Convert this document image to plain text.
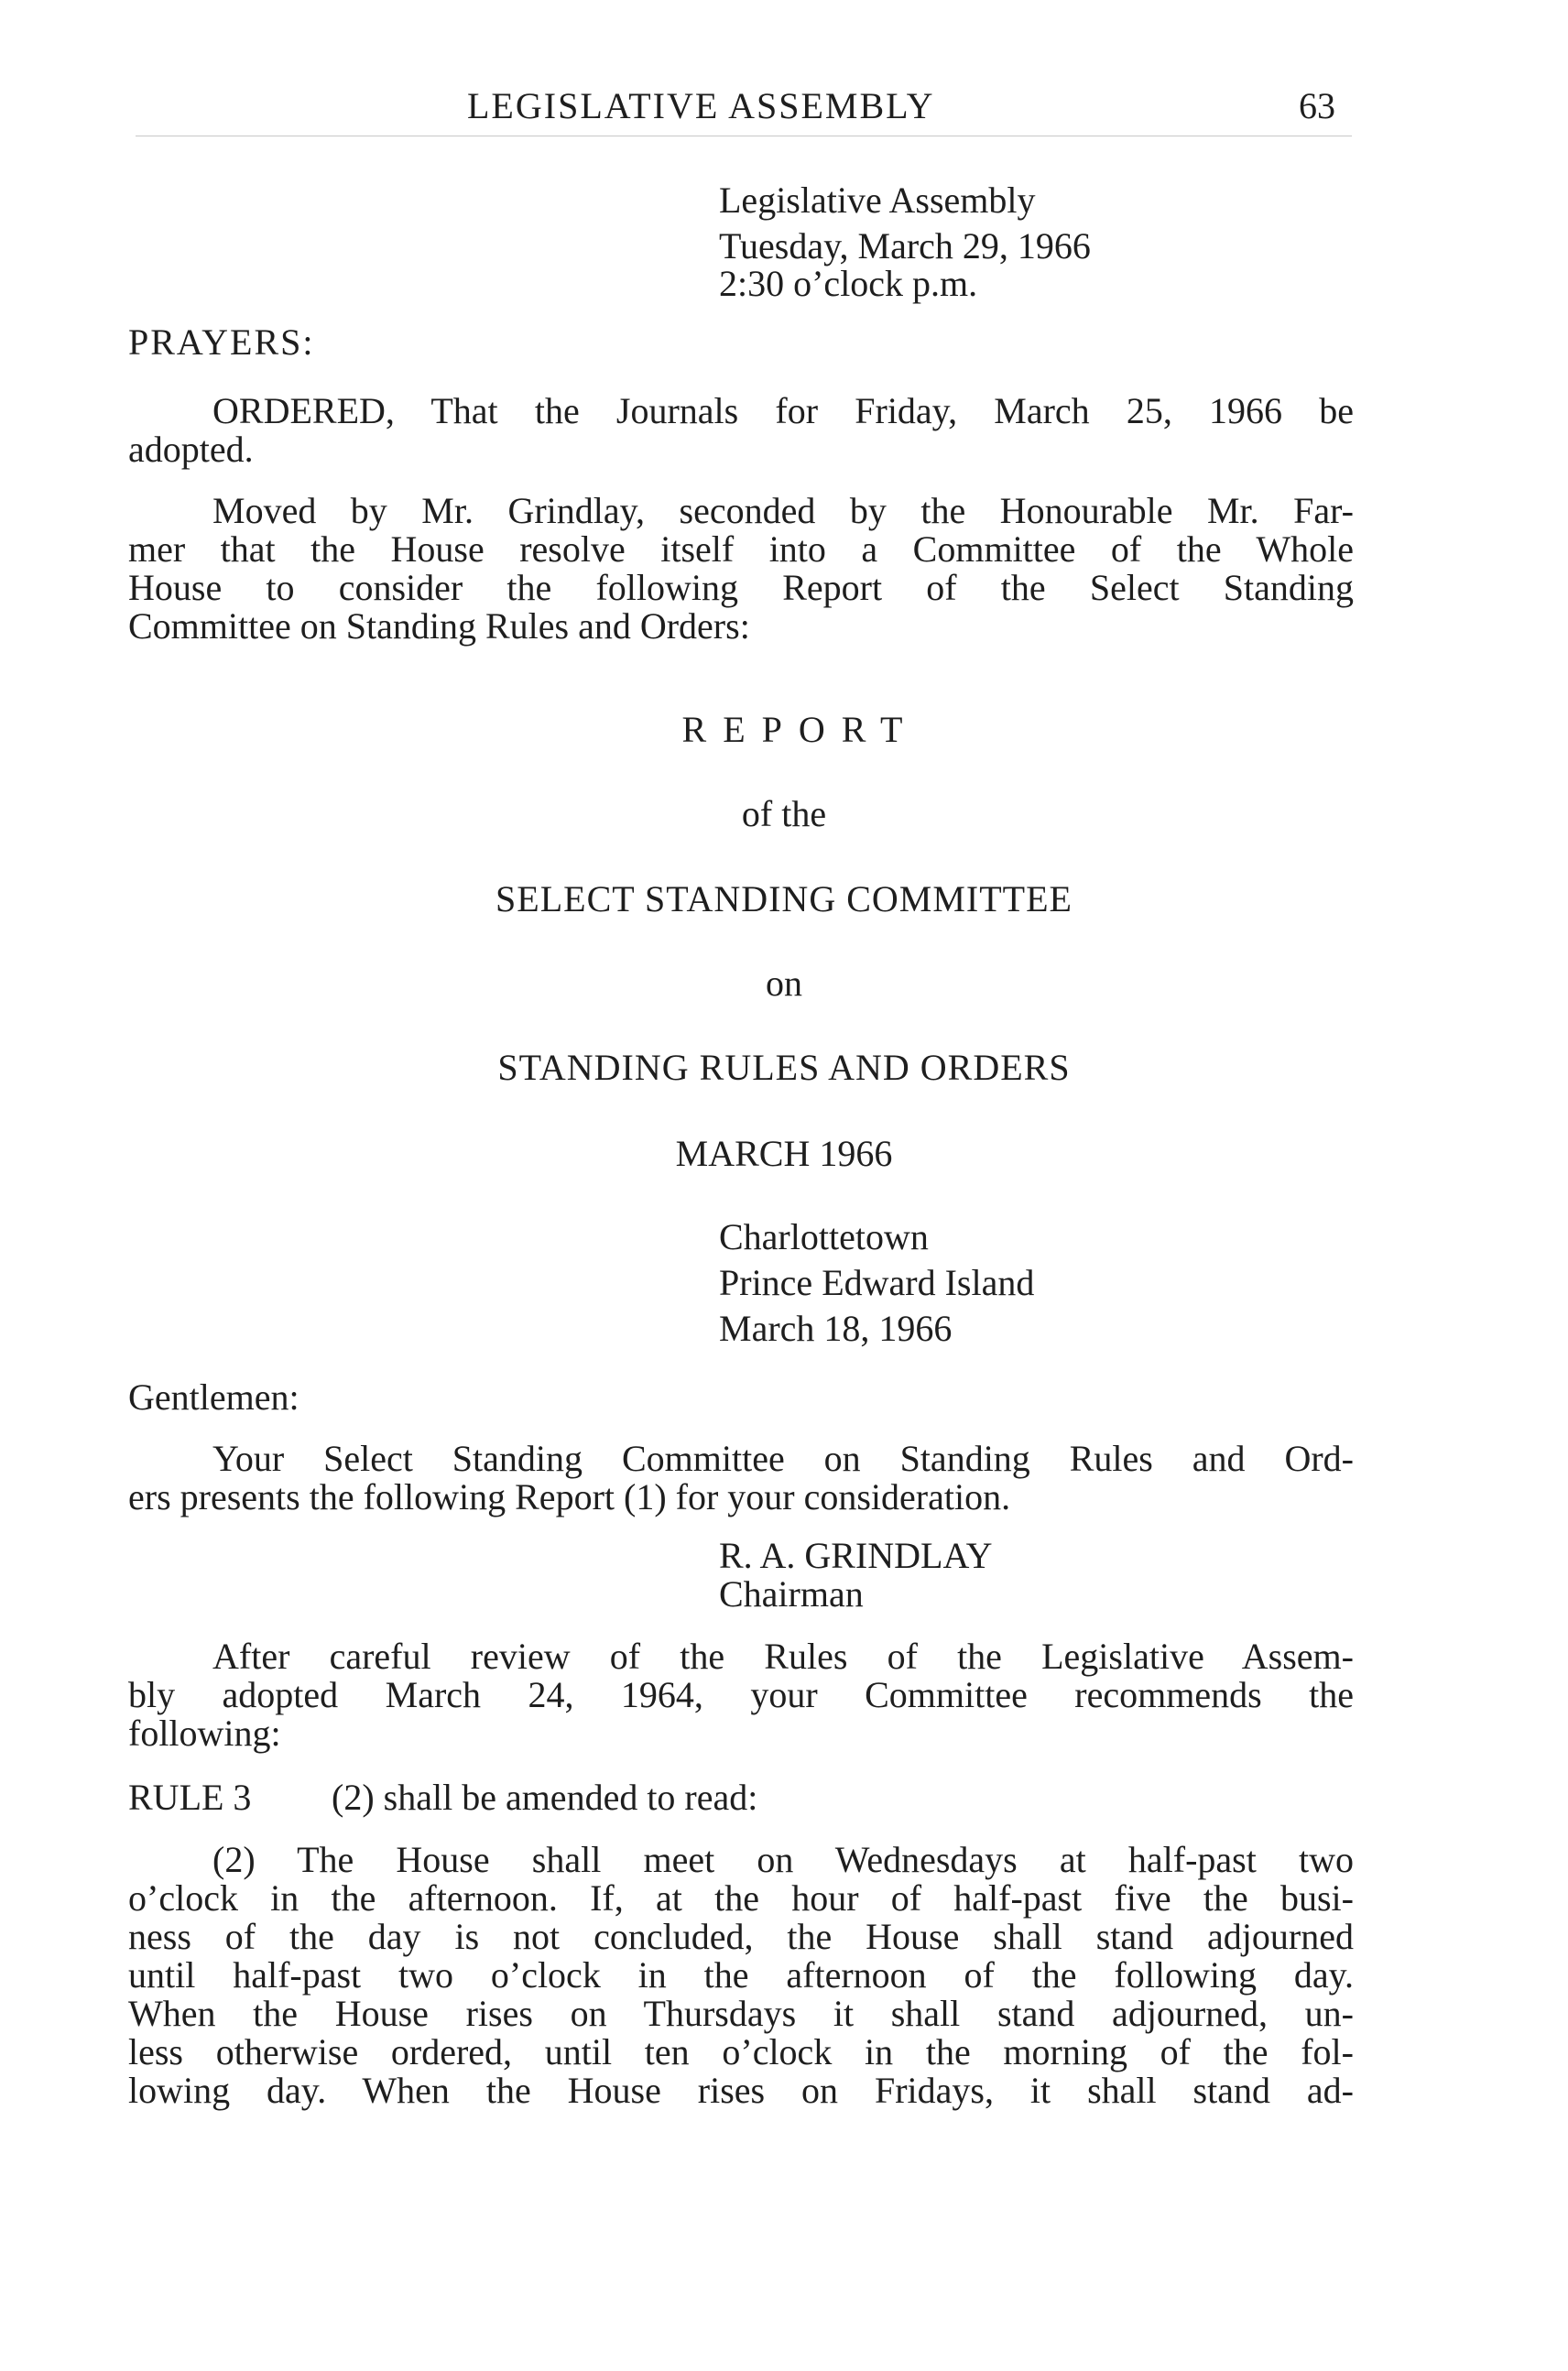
LEGISLATIVE ASSEMBLY	63
Legislative Assembly
Tuesday, March 29, 1966
2:30 o’clock p.m.
PRAYERS:
ORDERED, That the Journals for Friday, March 25, 1966 be
adopted.
Moved by Mr. Grindlay, seconded by the Honourable Mr. Far-
mer that the House resolve itself into a Committee of the Whole
House to consider the following Report of the Select Standing
Committee on Standing Rules and Orders:
REPORT
of the
SELECT STANDING COMMITTEE
on
STANDING RULES AND ORDERS
MARCH 1966
Charlottetown
Prince Edward Island
March 18, 1966
Gentlemen:
Your Select Standing Committee on Standing Rules and Ord-
ers presents the following Report (1) for your consideration.
R. A. GRINDLAY
Chairman
After careful review of the Rules of the Legislative Assem-
bly adopted March 24, 1964, your Committee recommends the
following:
RULE 3 (2) shall be amended to read:
(2) The House shall meet on Wednesdays at half-past two
o’clock in the afternoon. If, at the hour of half-past five the busi-
ness of the day is not concluded, the House shall stand adjourned
until half-past two o’clock in the afternoon of the following day.
When the House rises on Thursdays it shall stand adjourned, un-
less otherwise ordered, until ten o’clock in the morning of the fol-
lowing day. When the House rises on Fridays, it shall stand ad-
